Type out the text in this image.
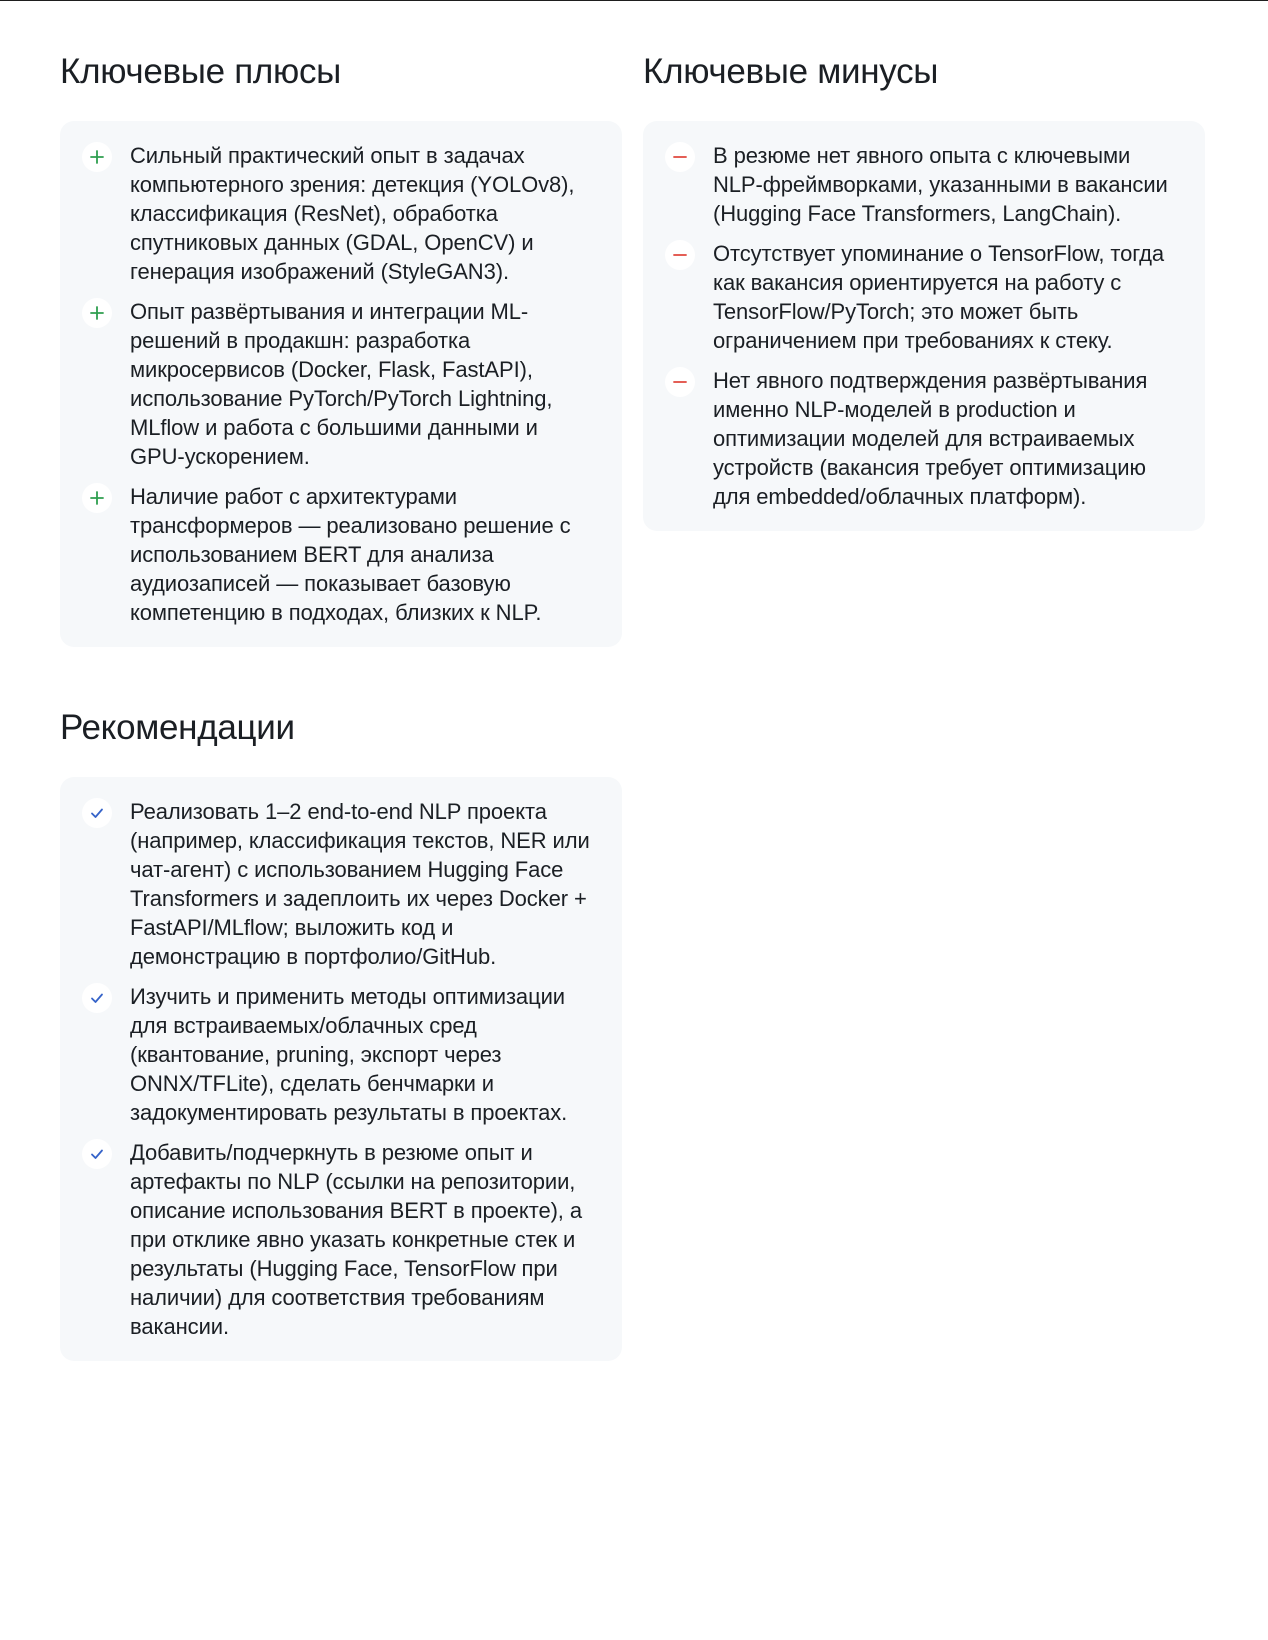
Ключевые плюсы
Сильный практический опыт в задачах компьютерного зрения: детекция (YOLOv8), классификация (ResNet), обработка спутниковых данных (GDAL, OpenCV) и генерация изображений (StyleGAN3).
Опыт развёртывания и интеграции ML-решений в продакшн: разработка микросервисов (Docker, Flask, FastAPI), использование PyTorch/PyTorch Lightning, MLflow и работа с большими данными и GPU-ускорением.
Наличие работ с архитектурами трансформеров — реализовано решение с использованием BERT для анализа аудиозаписей — показывает базовую компетенцию в подходах, близких к NLP.
Ключевые минусы
В резюме нет явного опыта с ключевыми NLP-фреймворками, указанными в вакансии (Hugging Face Transformers, LangChain).
Отсутствует упоминание о TensorFlow, тогда как вакансия ориентируется на работу с TensorFlow/PyTorch; это может быть ограничением при требованиях к стеку.
Нет явного подтверждения развёртывания именно NLP-моделей в production и оптимизации моделей для встраиваемых устройств (вакансия требует оптимизацию для embedded/облачных платформ).
Рекомендации
Реализовать 1–2 end-to-end NLP проекта (например, классификация текстов, NER или чат-агент) с использованием Hugging Face Transformers и задеплоить их через Docker + FastAPI/MLflow; выложить код и демонстрацию в портфолио/GitHub.
Изучить и применить методы оптимизации для встраиваемых/облачных сред (квантование, pruning, экспорт через ONNX/TFLite), сделать бенчмарки и задокументировать результаты в проектах.
Добавить/подчеркнуть в резюме опыт и артефакты по NLP (ссылки на репозитории, описание использования BERT в проекте), а при отклике явно указать конкретные стек и результаты (Hugging Face, TensorFlow при наличии) для соответствия требованиям вакансии.
